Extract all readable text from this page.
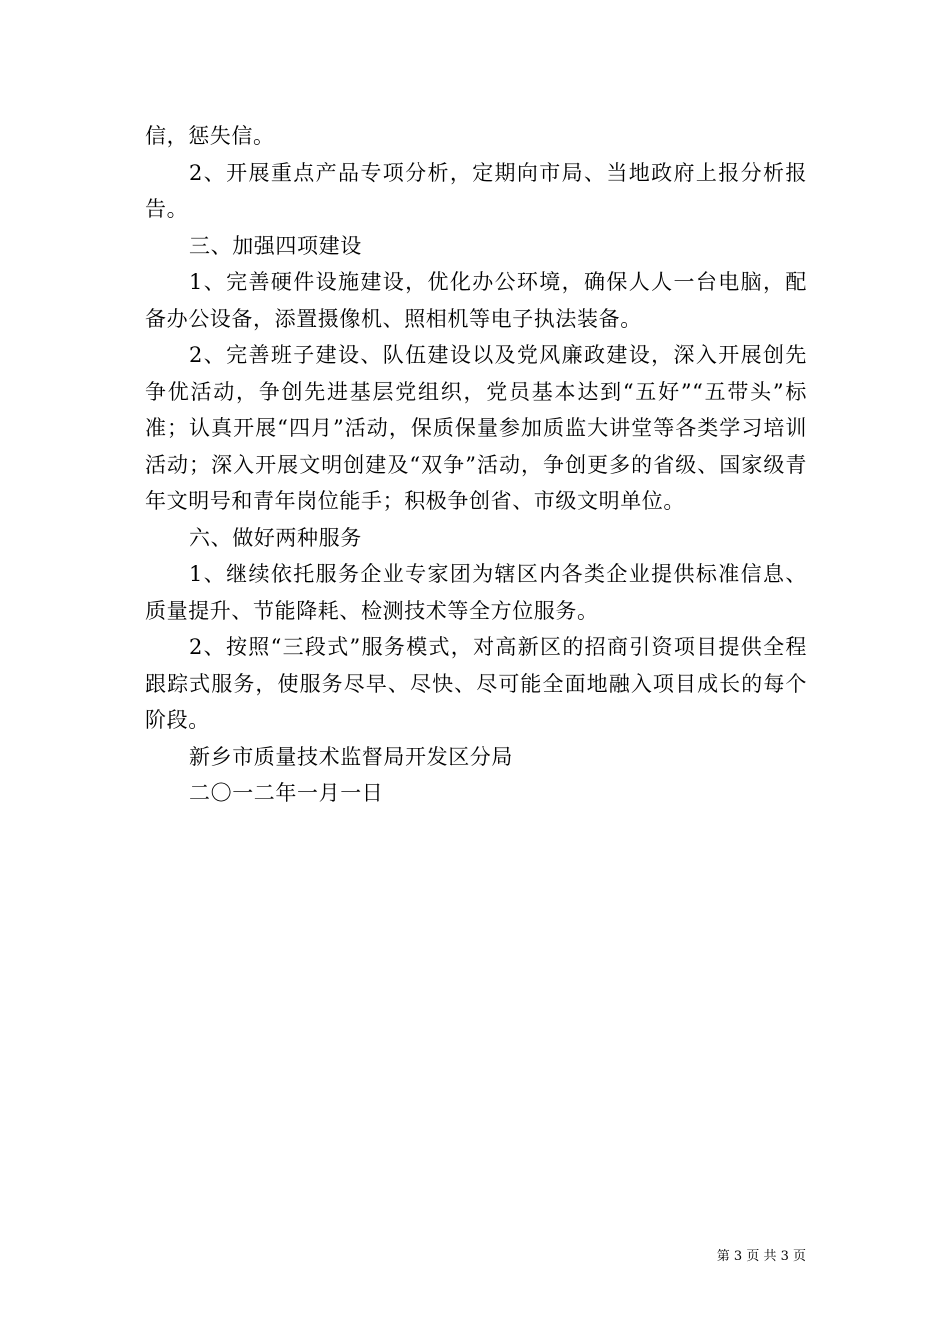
信，惩失信。

2、开展重点产品专项分析，定期向市局、当地政府上报分析报告。

三、加强四项建设

1、完善硬件设施建设，优化办公环境，确保人人一台电脑，配备办公设备，添置摄像机、照相机等电子执法装备。

2、完善班子建设、队伍建设以及党风廉政建设，深入开展创先争优活动，争创先进基层党组织，党员基本达到“五好”“五带头”标准；认真开展“四月”活动，保质保量参加质监大讲堂等各类学习培训活动；深入开展文明创建及“双争”活动，争创更多的省级、国家级青年文明号和青年岗位能手；积极争创省、市级文明单位。

六、做好两种服务

1、继续依托服务企业专家团为辖区内各类企业提供标准信息、质量提升、节能降耗、检测技术等全方位服务。

2、按照“三段式”服务模式，对高新区的招商引资项目提供全程跟踪式服务，使服务尽早、尽快、尽可能全面地融入项目成长的每个阶段。

新乡市质量技术监督局开发区分局

二〇一二年一月一日

第 3 页 共 3 页
